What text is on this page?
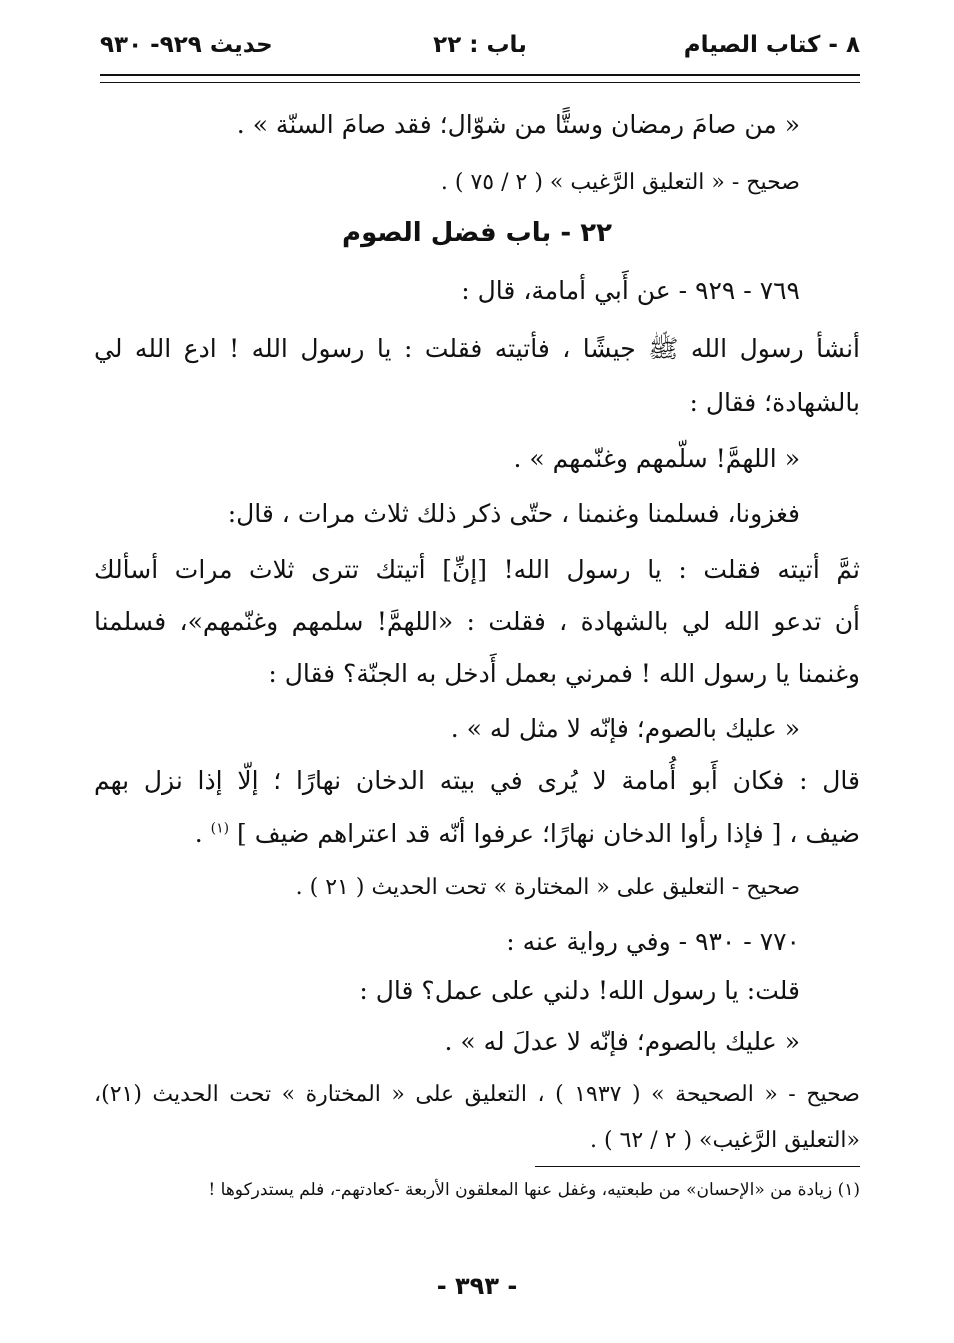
٨ - كتاب الصيام
باب : ٢٢
حديث ٩٢٩- ٩٣٠
« من صامَ رمضان وستًّا من شوّال؛ فقد صامَ السنّة » .
صحيح - « التعليق الرَّغيب » ( ٢ / ٧٥ ) .
٢٢ - باب فضل الصوم
٧٦٩ - ٩٢٩ - عن أَبي أمامة، قال :
أنشأ رسول الله ﷺ جيشًا ، فأتيته فقلت : يا رسول الله ! ادع الله لي
بالشهادة؛ فقال :
« اللهمَّ! سلّمهم وغنّمهم » .
فغزونا، فسلمنا وغنمنا ، حتّى ذكر ذلك ثلاث مرات ، قال:
ثمَّ أتيته فقلت : يا رسول الله! [إنِّ] أتيتك تترى ثلاث مرات أسألك
أن تدعو الله لي بالشهادة ، فقلت : «اللهمَّ! سلمهم وغنّمهم»، فسلمنا
وغنمنا يا رسول الله ! فمرني بعمل أَدخل به الجنّة؟ فقال :
« عليك بالصوم؛ فإنّه لا مثل له » .
قال : فكان أَبو أُمامة لا يُرى في بيته الدخان نهارًا ؛ إلّا إذا نزل بهم
ضيف ، [ فإذا رأوا الدخان نهارًا؛ عرفوا أنّه قد اعتراهم ضيف ] $^{(١)}$ .
صحيح - التعليق على « المختارة » تحت الحديث ( ٢١ ) .
٧٧٠ - ٩٣٠ - وفي رواية عنه :
قلت: يا رسول الله! دلني على عمل؟ قال :
« عليك بالصوم؛ فإنّه لا عدلَ له » .
صحيح - « الصحيحة » ( ١٩٣٧ ) ، التعليق على « المختارة » تحت الحديث (٢١)،
«التعليق الرَّغيب» ( ٢ / ٦٢ ) .
(١) زيادة من «الإحسان» من طبعتيه، وغفل عنها المعلقون الأربعة -كعادتهم-، فلم يستدركوها !
- ٣٩٣ -
